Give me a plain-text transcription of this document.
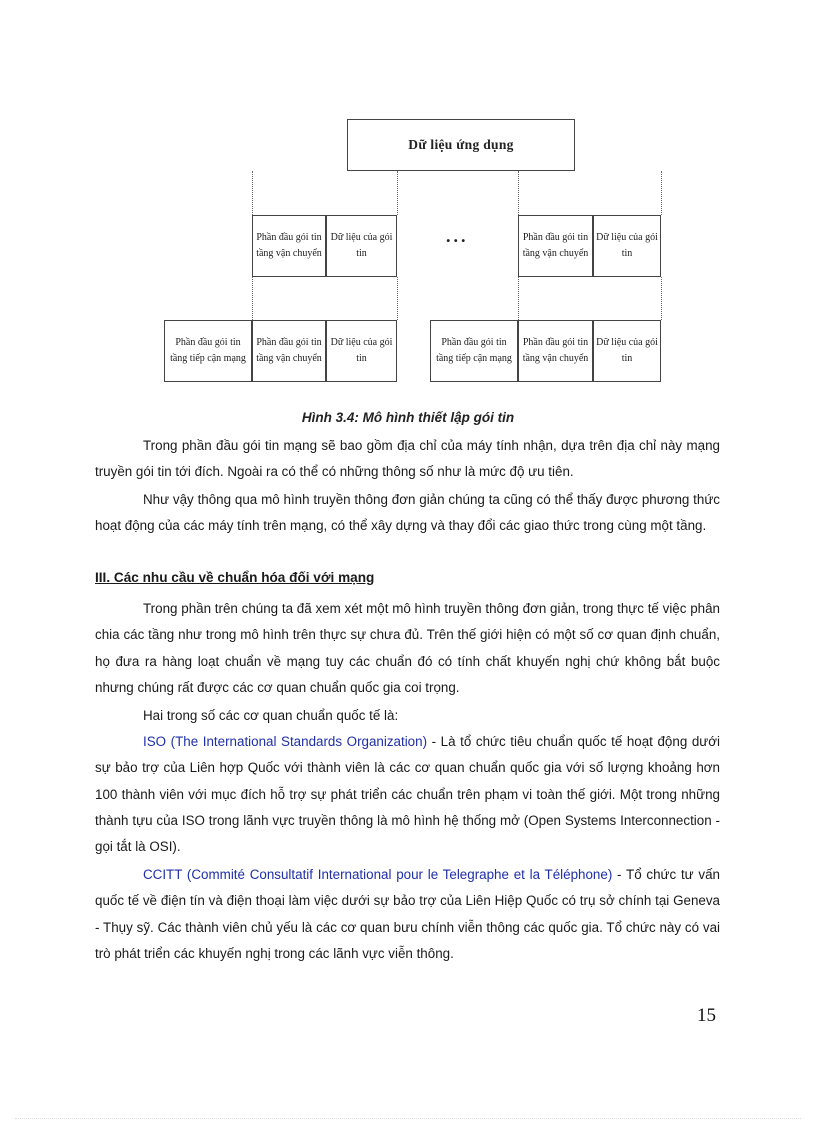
Dữ liệu ứng dụng
Phần đầu gói tin tầng vận chuyển
Dữ liệu của gói tin
...	Phần đầu gói tin tầng vận chuyển
Dữ liệu của gói tin
Phần đầu gói tin tầng tiếp cận mạng
Phần đầu gói tin tầng vận chuyển
Dữ liệu của gói tin
Phần đầu gói tin tầng tiếp cận mạng
Phần đầu gói tin tầng vận chuyển
Dữ liệu của gói tin
Hình 3.4: Mô hình thiết lập gói tin
Trong phần đầu gói tin mạng sẽ bao gồm địa chỉ của máy tính nhận, dựa trên địa chỉ này mạng truyền gói tin tới đích. Ngoài ra có thể có những thông số như là mức độ ưu tiên.
Như vậy thông qua mô hình truyền thông đơn giản chúng ta cũng có thể thấy được phương thức hoạt động của các máy tính trên mạng, có thể xây dựng và thay đổi các giao thức trong cùng một tầng.
III. Các nhu cầu về chuẩn hóa đối với mạng
Trong phần trên chúng ta đã xem xét một mô hình truyền thông đơn giản, trong thực tế việc phân chia các tầng như trong mô hình trên thực sự chưa đủ. Trên thế giới hiện có một số cơ quan định chuẩn, họ đưa ra hàng loạt chuẩn về mạng tuy các chuẩn đó có tính chất khuyến nghị chứ không bắt buộc nhưng chúng rất được các cơ quan chuẩn quốc gia coi trọng.
Hai trong số các cơ quan chuẩn quốc tế là:
ISO (The International Standards Organization) - Là tổ chức tiêu chuẩn quốc tế hoạt động dưới sự bảo trợ của Liên hợp Quốc với thành viên là các cơ quan chuẩn quốc gia với số lượng khoảng hơn 100 thành viên với mục đích hỗ trợ sự phát triển các chuẩn trên phạm vi toàn thế giới. Một trong những thành tựu của ISO trong lãnh vực truyền thông là mô hình hệ thống mở (Open Systems Interconnection - gọi tắt là OSI).
CCITT (Commité Consultatif International pour le Telegraphe et la Téléphone) - Tổ chức tư vấn quốc tế về điện tín và điện thoại làm việc dưới sự bảo trợ của Liên Hiệp Quốc có trụ sở chính tại Geneva - Thụy sỹ. Các thành viên chủ yếu là các cơ quan bưu chính viễn thông các quốc gia. Tổ chức này có vai trò phát triển các khuyến nghị trong các lãnh vực viễn thông.
15
